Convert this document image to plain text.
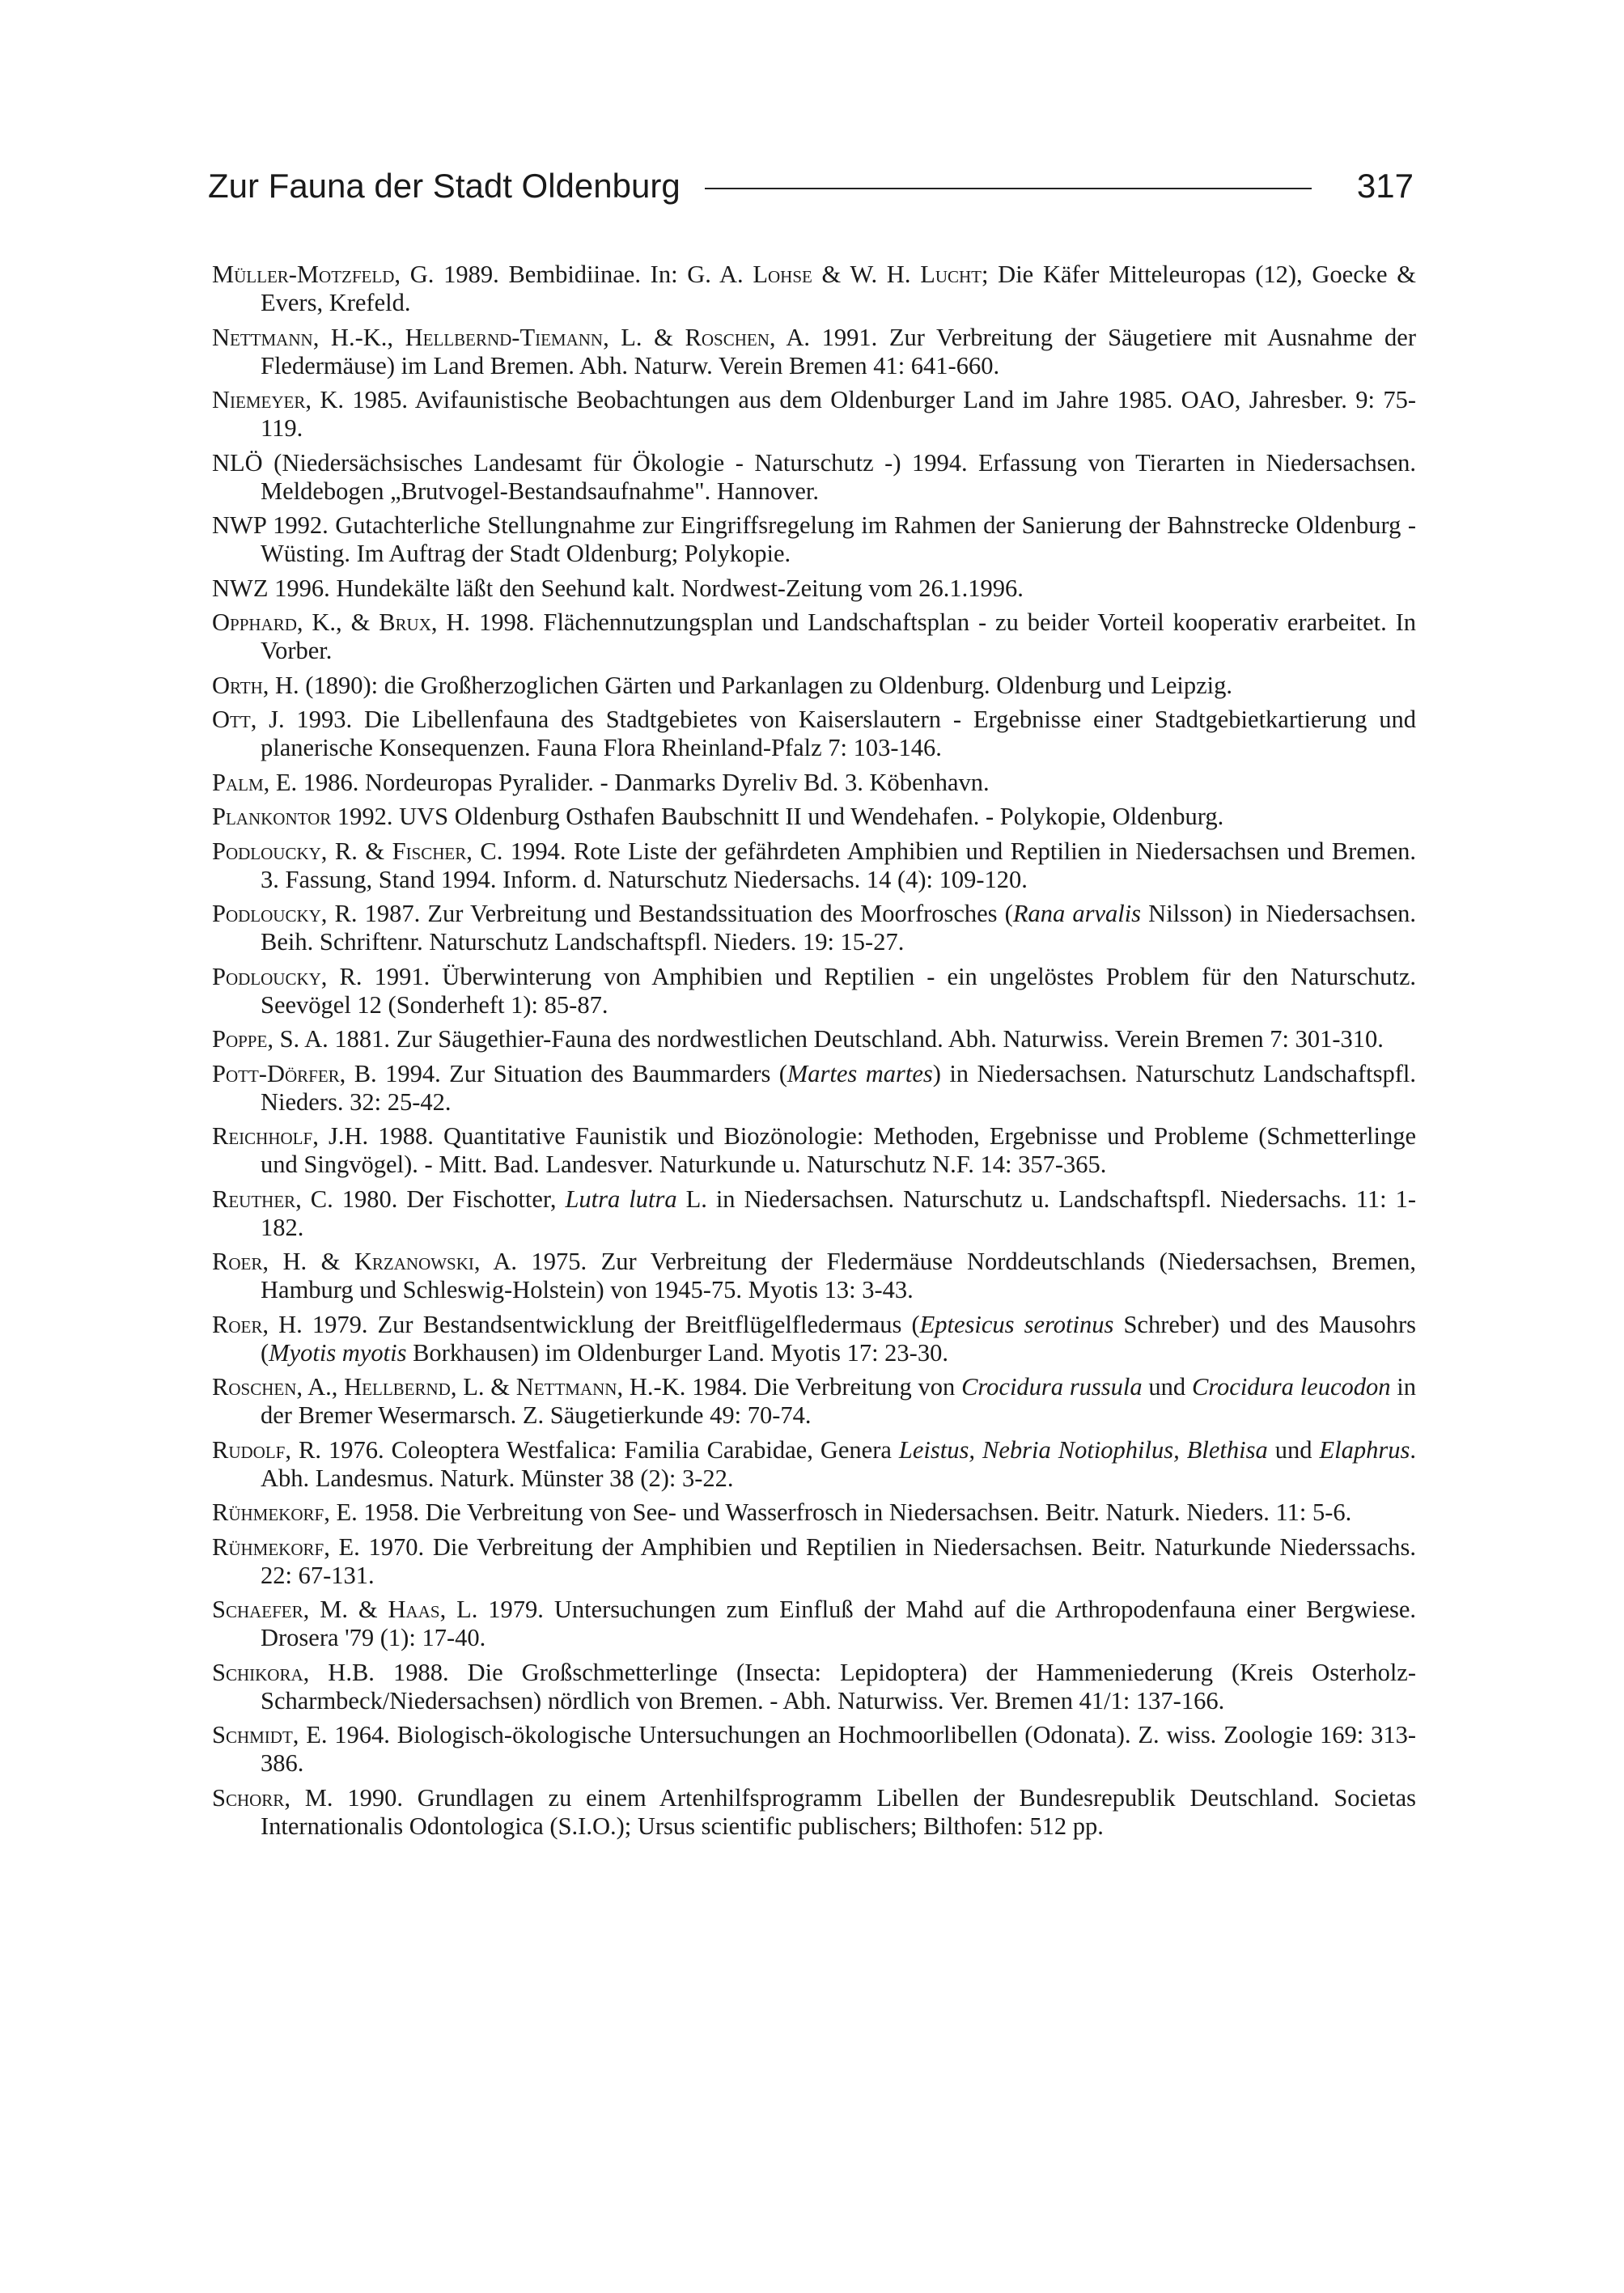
Zur Fauna der Stadt Oldenburg	317

Müller-Motzfeld, G. 1989. Bembidiinae. In: G. A. Lohse & W. H. Lucht; Die Käfer Mitteleuropas (12), Goecke & Evers, Krefeld.

Nettmann, H.-K., Hellbernd-Tiemann, L. & Roschen, A. 1991. Zur Verbreitung der Säugetiere mit Ausnahme der Fledermäuse) im Land Bremen. Abh. Naturw. Verein Bremen 41: 641-660.

Niemeyer, K. 1985. Avifaunistische Beobachtungen aus dem Oldenburger Land im Jahre 1985. OAO, Jahresber. 9: 75-119.

NLÖ (Niedersächsisches Landesamt für Ökologie - Naturschutz -) 1994. Erfassung von Tierarten in Niedersachsen. Meldebogen „Brutvogel-Bestandsaufnahme". Hannover.

NWP 1992. Gutachterliche Stellungnahme zur Eingriffsregelung im Rahmen der Sanierung der Bahnstrecke Oldenburg - Wüsting. Im Auftrag der Stadt Oldenburg; Polykopie.

NWZ 1996. Hundekälte läßt den Seehund kalt. Nordwest-Zeitung vom 26.1.1996.

Opphard, K., & Brux, H. 1998. Flächennutzungsplan und Landschaftsplan - zu beider Vorteil kooperativ erarbeitet. In Vorber.

Orth, H. (1890): die Großherzoglichen Gärten und Parkanlagen zu Oldenburg. Oldenburg und Leipzig.

Ott, J. 1993. Die Libellenfauna des Stadtgebietes von Kaiserslautern - Ergebnisse einer Stadtgebietkartierung und planerische Konsequenzen. Fauna Flora Rheinland-Pfalz 7: 103-146.

Palm, E. 1986. Nordeuropas Pyralider. - Danmarks Dyreliv Bd. 3. Köbenhavn.

Plankontor 1992. UVS Oldenburg Osthafen Baubschnitt II und Wendehafen. - Polykopie, Oldenburg.

Podloucky, R. & Fischer, C. 1994. Rote Liste der gefährdeten Amphibien und Reptilien in Niedersachsen und Bremen. 3. Fassung, Stand 1994. Inform. d. Naturschutz Niedersachs. 14 (4): 109-120.

Podloucky, R. 1987. Zur Verbreitung und Bestandssituation des Moorfrosches (Rana arvalis Nilsson) in Niedersachsen. Beih. Schriftenr. Naturschutz Landschaftspfl. Nieders. 19: 15-27.

Podloucky, R. 1991. Überwinterung von Amphibien und Reptilien - ein ungelöstes Problem für den Naturschutz. Seevögel 12 (Sonderheft 1): 85-87.

Poppe, S. A. 1881. Zur Säugethier-Fauna des nordwestlichen Deutschland. Abh. Naturwiss. Verein Bremen 7: 301-310.

Pott-Dörfer, B. 1994. Zur Situation des Baummarders (Martes martes) in Niedersachsen. Naturschutz Landschaftspfl. Nieders. 32: 25-42.

Reichholf, J.H. 1988. Quantitative Faunistik und Biozönologie: Methoden, Ergebnisse und Probleme (Schmetterlinge und Singvögel). - Mitt. Bad. Landesver. Naturkunde u. Naturschutz N.F. 14: 357-365.

Reuther, C. 1980. Der Fischotter, Lutra lutra L. in Niedersachsen. Naturschutz u. Landschaftspfl. Niedersachs. 11: 1-182.

Roer, H. & Krzanowski, A. 1975. Zur Verbreitung der Fledermäuse Norddeutschlands (Niedersachsen, Bremen, Hamburg und Schleswig-Holstein) von 1945-75. Myotis 13: 3-43.

Roer, H. 1979. Zur Bestandsentwicklung der Breitflügelfledermaus (Eptesicus serotinus Schreber) und des Mausohrs (Myotis myotis Borkhausen) im Oldenburger Land. Myotis 17: 23-30.

Roschen, A., Hellbernd, L. & Nettmann, H.-K. 1984. Die Verbreitung von Crocidura russula und Crocidura leucodon in der Bremer Wesermarsch. Z. Säugetierkunde 49: 70-74.

Rudolf, R. 1976. Coleoptera Westfalica: Familia Carabidae, Genera Leistus, Nebria Notiophilus, Blethisa und Elaphrus. Abh. Landesmus. Naturk. Münster 38 (2): 3-22.

Rühmekorf, E. 1958. Die Verbreitung von See- und Wasserfrosch in Niedersachsen. Beitr. Naturk. Nieders. 11: 5-6.

Rühmekorf, E. 1970. Die Verbreitung der Amphibien und Reptilien in Niedersachsen. Beitr. Naturkunde Niederssachs. 22: 67-131.

Schaefer, M. & Haas, L. 1979. Untersuchungen zum Einfluß der Mahd auf die Arthropodenfauna einer Bergwiese. Drosera '79 (1): 17-40.

Schikora, H.B. 1988. Die Großschmetterlinge (Insecta: Lepidoptera) der Hammeniederung (Kreis Osterholz-Scharmbeck/Niedersachsen) nördlich von Bremen. - Abh. Naturwiss. Ver. Bremen 41/1: 137-166.

Schmidt, E. 1964. Biologisch-ökologische Untersuchungen an Hochmoorlibellen (Odonata). Z. wiss. Zoologie 169: 313-386.

Schorr, M. 1990. Grundlagen zu einem Artenhilfsprogramm Libellen der Bundesrepublik Deutschland. Societas Internationalis Odontologica (S.I.O.); Ursus scientific publischers; Bilthofen: 512 pp.
